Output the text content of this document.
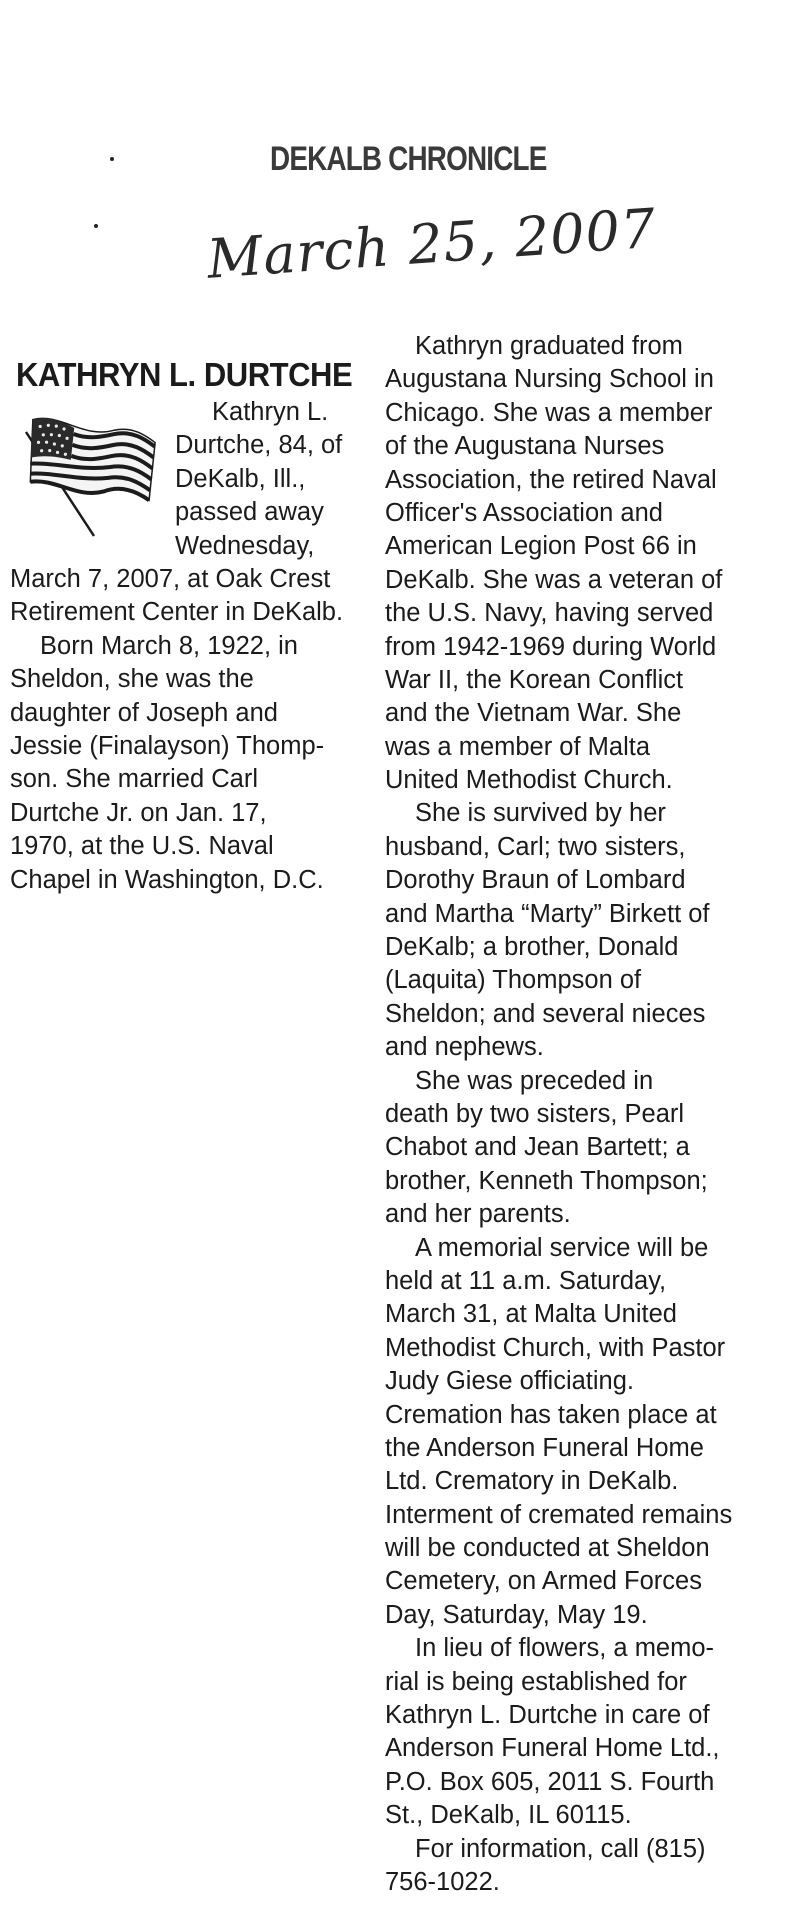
DEKALB CHRONICLE
March 25, 2007
KATHRYN L. DURTCHE
Kathryn L.
Durtche, 84, of
DeKalb, Ill.,
passed away
Wednesday,
March 7, 2007, at Oak Crest
Retirement Center in DeKalb.
Born March 8, 1922, in
Sheldon, she was the
daughter of Joseph and
Jessie (Finalayson) Thomp-
son. She married Carl
Durtche Jr. on Jan. 17,
1970, at the U.S. Naval
Chapel in Washington, D.C.
Kathryn graduated from
Augustana Nursing School in
Chicago. She was a member
of the Augustana Nurses
Association, the retired Naval
Officer's Association and
American Legion Post 66 in
DeKalb. She was a veteran of
the U.S. Navy, having served
from 1942-1969 during World
War II, the Korean Conflict
and the Vietnam War. She
was a member of Malta
United Methodist Church.
She is survived by her
husband, Carl; two sisters,
Dorothy Braun of Lombard
and Martha “Marty” Birkett of
DeKalb; a brother, Donald
(Laquita) Thompson of
Sheldon; and several nieces
and nephews.
She was preceded in
death by two sisters, Pearl
Chabot and Jean Bartett; a
brother, Kenneth Thompson;
and her parents.
A memorial service will be
held at 11 a.m. Saturday,
March 31, at Malta United
Methodist Church, with Pastor
Judy Giese officiating.
Cremation has taken place at
the Anderson Funeral Home
Ltd. Crematory in DeKalb.
Interment of cremated remains
will be conducted at Sheldon
Cemetery, on Armed Forces
Day, Saturday, May 19.
In lieu of flowers, a memo-
rial is being established for
Kathryn L. Durtche in care of
Anderson Funeral Home Ltd.,
P.O. Box 605, 2011 S. Fourth
St., DeKalb, IL 60115.
For information, call (815)
756-1022.
